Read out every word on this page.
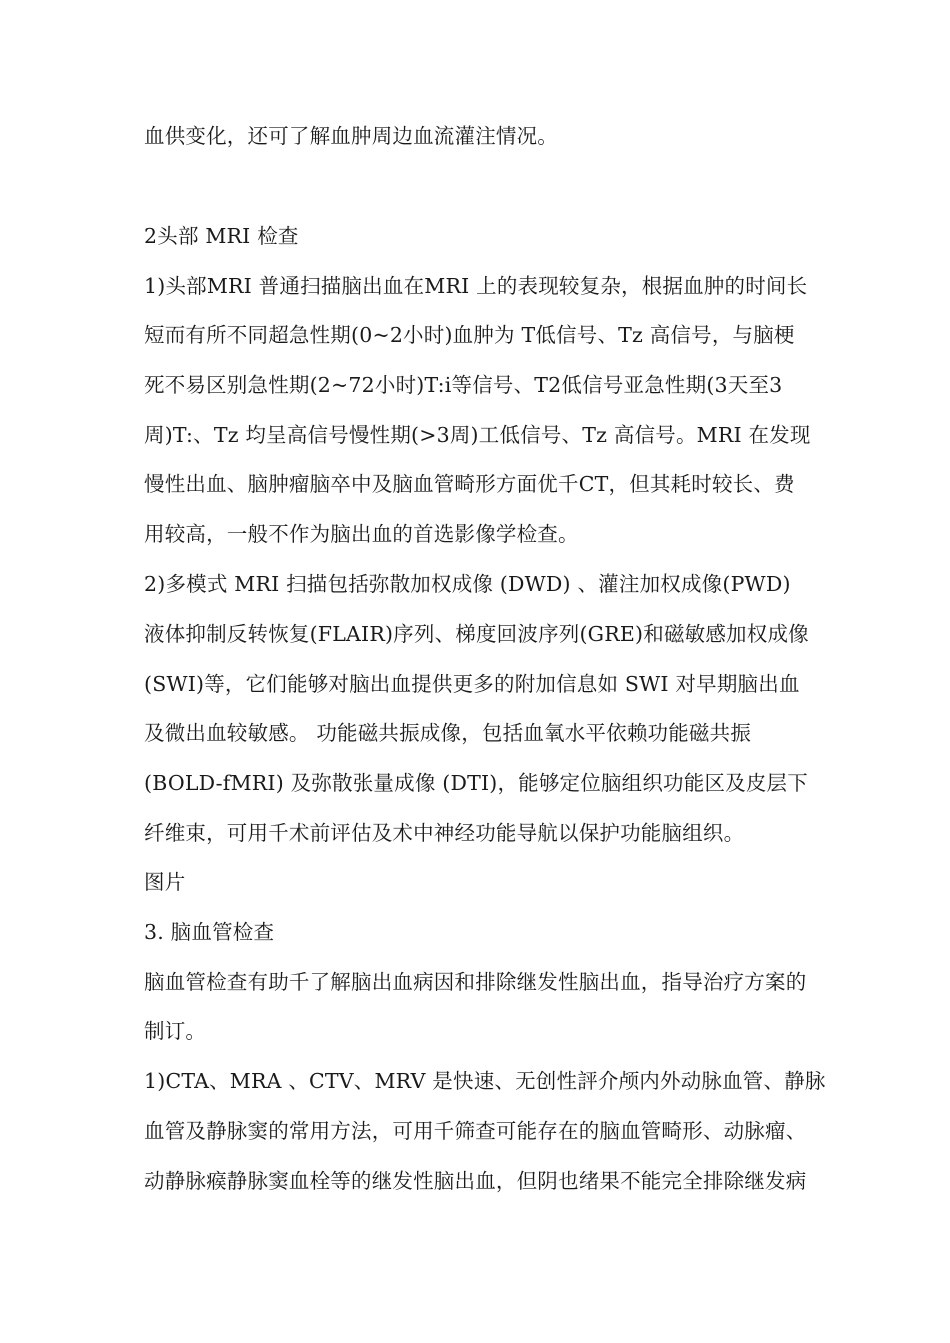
血供变化，还可了解血肿周边血流灌注情况。
2头部 MRI 检查
1)头部MRI 普通扫描脑出血在MRI 上的表现较复杂，根据血肿的时间长
短而有所不同超急性期(0~2小时)血肿为 T低信号、Tz 高信号，与脑梗
死不易区别急性期(2~72小时)T:i等信号、T2低信号亚急性期(3天至3
周)T:、Tz 均呈高信号慢性期(>3周)工低信号、Tz 高信号。MRI 在发现
慢性出血、脑肿瘤脑卒中及脑血管畸形方面优千CT，但其耗时较长、费
用较高，一般不作为脑出血的首选影像学检查。
2)多模式 MRI 扫描包括弥散加权成像 (DWD) 、灌注加权成像(PWD)
液体抑制反转恢复(FLAIR)序列、梯度回波序列(GRE)和磁敏感加权成像
(SWI)等，它们能够对脑出血提供更多的附加信息如 SWI 对早期脑出血
及微出血较敏感。 功能磁共振成像，包括血氧水平依赖功能磁共振
(BOLD-fMRI) 及弥散张量成像 (DTI)，能够定位脑组织功能区及皮层下
纤维束，可用千术前评估及术中神经功能导航以保护功能脑组织。
图片
3. 脑血管检查
脑血管检查有助千了解脑出血病因和排除继发性脑出血，指导治疗方案的
制订。
1)CTA、MRA 、CTV、MRV 是快速、无创性評介颅内外动脉血管、静脉
血管及静脉窦的常用方法，可用千筛查可能存在的脑血管畸形、动脉瘤、
动静脉瘊静脉窦血栓等的继发性脑出血，但阴也绪果不能完全排除继发病
